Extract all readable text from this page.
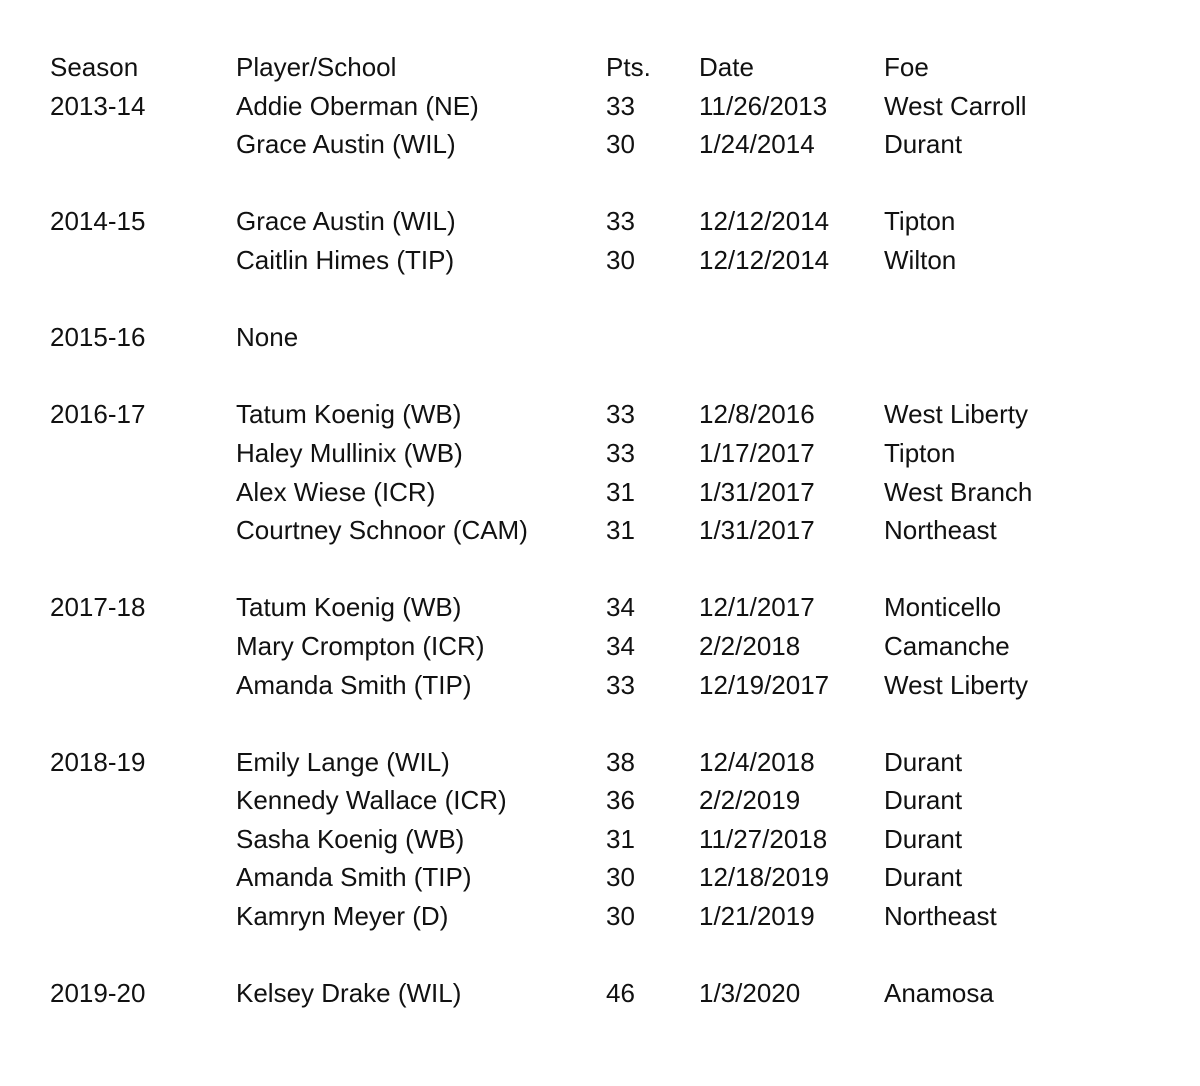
Season	Player/School	Pts.	Date	Foe
2013-14	Addie Oberman (NE)	33	11/26/2013	West Carroll
Grace Austin (WIL)	30	1/24/2014	Durant
2014-15	Grace Austin (WIL)	33	12/12/2014	Tipton
Caitlin Himes (TIP)	30	12/12/2014	Wilton
2015-16	None
2016-17	Tatum Koenig (WB)	33	12/8/2016	West Liberty
Haley Mullinix (WB)	33	1/17/2017	Tipton
Alex Wiese (ICR)	31	1/31/2017	West Branch
Courtney Schnoor (CAM)	31	1/31/2017	Northeast
2017-18	Tatum Koenig (WB)	34	12/1/2017	Monticello
Mary Crompton (ICR)	34	2/2/2018	Camanche
Amanda Smith (TIP)	33	12/19/2017	West Liberty
2018-19	Emily Lange (WIL)	38	12/4/2018	Durant
Kennedy Wallace (ICR)	36	2/2/2019	Durant
Sasha Koenig (WB)	31	11/27/2018	Durant
Amanda Smith (TIP)	30	12/18/2019	Durant
Kamryn Meyer (D)	30	1/21/2019	Northeast
2019-20	Kelsey Drake (WIL)	46	1/3/2020	Anamosa
